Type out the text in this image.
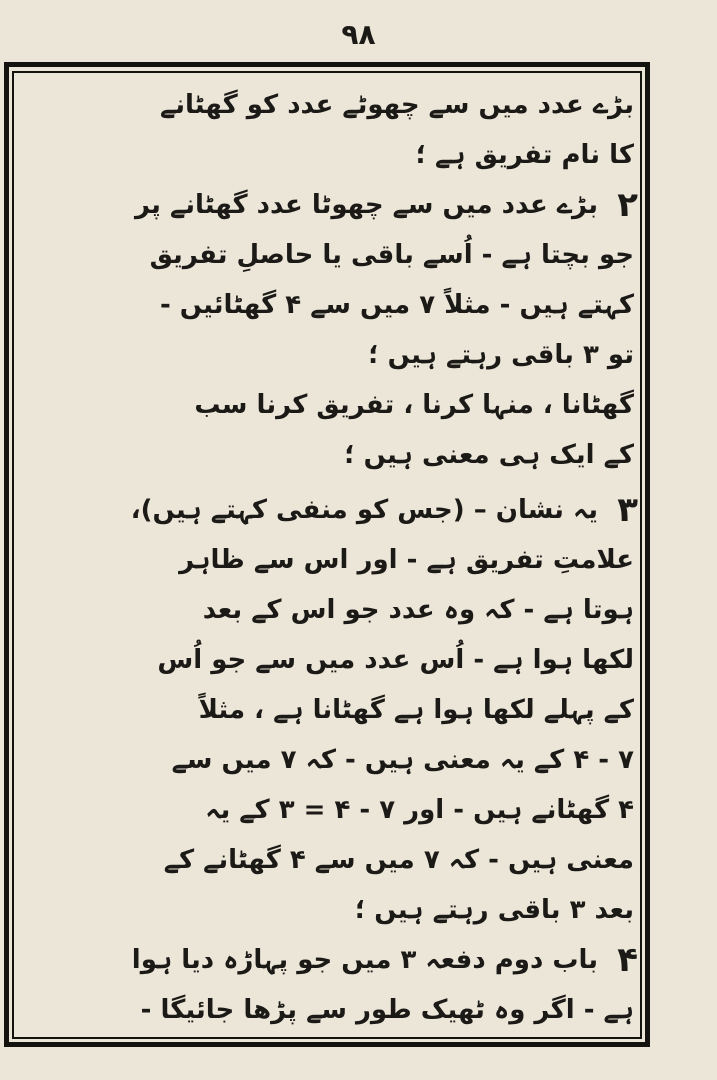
۹۸
بڑے عدد میں سے چھوٹے عدد کو گھٹانے
کا نام تفریق ہے ؛
۲
بڑے عدد میں سے چھوٹا عدد گھٹانے پر
جو بچتا ہے - اُسے باقی یا حاصلِ تفریق
کہتے ہیں - مثلاً ۷ میں سے ۴ گھٹائیں -
تو ۳ باقی رہتے ہیں ؛
گھٹانا ، منہا کرنا ، تفریق کرنا سب
کے ایک ہی معنی ہیں ؛
۳
یہ نشان – (جس کو منفی کہتے ہیں)،
علامتِ تفریق ہے - اور اس سے ظاہر
ہوتا ہے - کہ وہ عدد جو اس کے بعد
لکھا ہوا ہے - اُس عدد میں سے جو اُس
کے پہلے لکھا ہوا ہے گھٹانا ہے ، مثلاً
۷ - ۴ کے یہ معنی ہیں - کہ ۷ میں سے
۴ گھٹانے ہیں - اور ۷ - ۴ = ۳ کے یہ
معنی ہیں - کہ ۷ میں سے ۴ گھٹانے کے
بعد ۳ باقی رہتے ہیں ؛
۴
باب دوم دفعہ ۳ میں جو پہاڑہ دیا ہوا
ہے - اگر وہ ٹھیک طور سے پڑھا جائیگا -
